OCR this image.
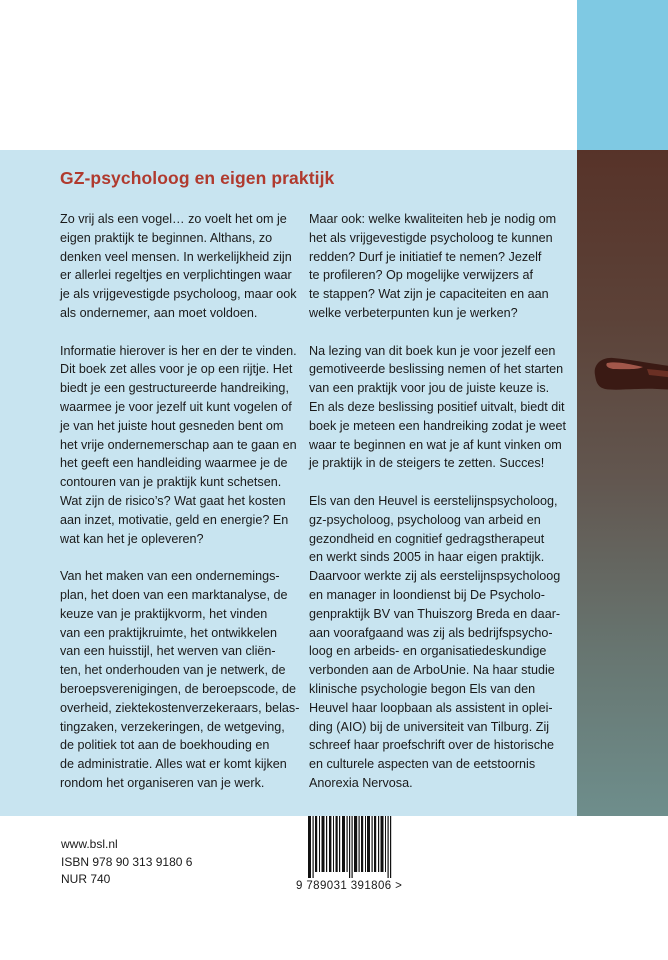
GZ-psycholoog en eigen praktijk

Zo vrij als een vogel… zo voelt het om je
eigen praktijk te beginnen. Althans, zo
denken veel mensen. In werkelijkheid zijn
er allerlei regeltjes en verplichtingen waar
je als vrijgevestigde psycholoog, maar ook
als ondernemer, aan moet voldoen.

Informatie hierover is her en der te vinden.
Dit boek zet alles voor je op een rijtje. Het
biedt je een gestructureerde handreiking,
waarmee je voor jezelf uit kunt vogelen of
je van het juiste hout gesneden bent om
het vrije ondernemerschap aan te gaan en
het geeft een handleiding waarmee je de
contouren van je praktijk kunt schetsen.
Wat zijn de risico’s? Wat gaat het kosten
aan inzet, motivatie, geld en energie? En
wat kan het je opleveren?

Van het maken van een ondernemings-
plan, het doen van een marktanalyse, de
keuze van je praktijkvorm, het vinden
van een praktijkruimte, het ontwikkelen
van een huisstijl, het werven van cliën-
ten, het onderhouden van je netwerk, de
beroepsverenigingen, de beroepscode, de
overheid, ziektekostenverzekeraars, belas-
tingzaken, verzekeringen, de wetgeving,
de politiek tot aan de boekhouding en
de administratie. Alles wat er komt kijken
rondom het organiseren van je werk.

Maar ook: welke kwaliteiten heb je nodig om
het als vrijgevestigde psycholoog te kunnen
redden? Durf je initiatief te nemen? Jezelf
te profileren? Op mogelijke verwijzers af
te stappen? Wat zijn je capaciteiten en aan
welke verbeterpunten kun je werken?

Na lezing van dit boek kun je voor jezelf een
gemotiveerde beslissing nemen of het starten
van een praktijk voor jou de juiste keuze is.
En als deze beslissing positief uitvalt, biedt dit
boek je meteen een handreiking zodat je weet
waar te beginnen en wat je af kunt vinken om
je praktijk in de steigers te zetten. Succes!

Els van den Heuvel is eerstelijnspsycholoog,
gz-psycholoog, psycholoog van arbeid en
gezondheid en cognitief gedragstherapeut
en werkt sinds 2005 in haar eigen praktijk.
Daarvoor werkte zij als eerstelijnspsycholoog
en manager in loondienst bij De Psycholo-
genpraktijk BV van Thuiszorg Breda en daar-
aan voorafgaand was zij als bedrijfspsycho-
loog en arbeids- en organisatiedeskundige
verbonden aan de ArboUnie. Na haar studie
klinische psychologie begon Els van den
Heuvel haar loopbaan als assistent in oplei-
ding (AIO) bij de universiteit van Tilburg. Zij
schreef haar proefschrift over de historische
en culturele aspecten van de eetstoornis
Anorexia Nervosa.

www.bsl.nl
ISBN 978 90 313 9180 6
NUR 740	9 789031 391806 >
